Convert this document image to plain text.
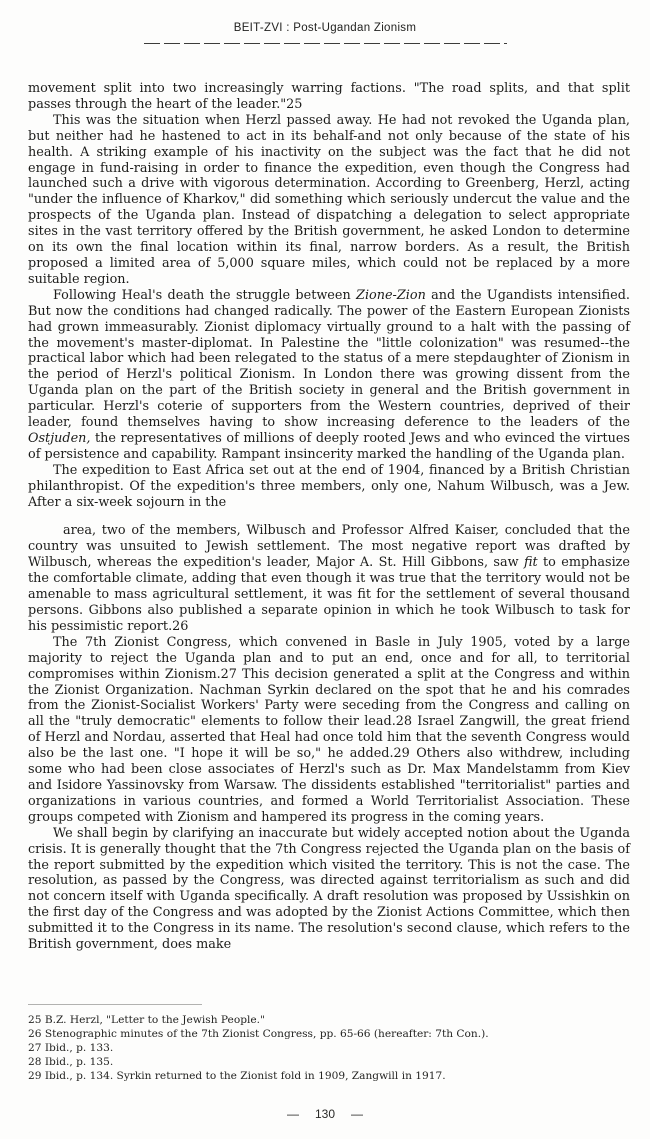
BEIT-ZVI : Post-Ugandan Zionism

movement split into two increasingly warring factions. "The road splits, and that split passes through the heart of the leader."25

This was the situation when Herzl passed away. He had not revoked the Uganda plan, but neither had he hastened to act in its behalf-and not only because of the state of his health. A striking example of his inactivity on the subject was the fact that he did not engage in fund-raising in order to finance the expedition, even though the Congress had launched such a drive with vigorous determination. According to Greenberg, Herzl, acting "under the influence of Kharkov," did something which seriously undercut the value and the prospects of the Uganda plan. Instead of dispatching a delegation to select appropriate sites in the vast territory offered by the British government, he asked London to determine on its own the final location within its final, narrow borders. As a result, the British proposed a limited area of 5,000 square miles, which could not be replaced by a more suitable region.

Following Heal's death the struggle between Zione-Zion and the Ugandists intensified. But now the conditions had changed radically. The power of the Eastern European Zionists had grown immeasurably. Zionist diplomacy virtually ground to a halt with the passing of the movement's master-diplomat. In Palestine the "little colonization" was resumed--the practical labor which had been relegated to the status of a mere stepdaughter of Zionism in the period of Herzl's political Zionism. In London there was growing dissent from the Uganda plan on the part of the British society in general and the British government in particular. Herzl's coterie of supporters from the Western countries, deprived of their leader, found themselves having to show increasing deference to the leaders of the Ostjuden, the representatives of millions of deeply rooted Jews and who evinced the virtues of persistence and capability. Rampant insincerity marked the handling of the Uganda plan.

The expedition to East Africa set out at the end of 1904, financed by a British Christian philanthropist. Of the expedition's three members, only one, Nahum Wilbusch, was a Jew. After a six-week sojourn in the

area, two of the members, Wilbusch and Professor Alfred Kaiser, concluded that the country was unsuited to Jewish settlement. The most negative report was drafted by Wilbusch, whereas the expedition's leader, Major A. St. Hill Gibbons, saw fit to emphasize the comfortable climate, adding that even though it was true that the territory would not be amenable to mass agricultural settlement, it was fit for the settlement of several thousand persons. Gibbons also published a separate opinion in which he took Wilbusch to task for his pessimistic report.26

The 7th Zionist Congress, which convened in Basle in July 1905, voted by a large majority to reject the Uganda plan and to put an end, once and for all, to territorial compromises within Zionism.27 This decision generated a split at the Congress and within the Zionist Organization. Nachman Syrkin declared on the spot that he and his comrades from the Zionist-Socialist Workers' Party were seceding from the Congress and calling on all the "truly democratic" elements to follow their lead.28 Israel Zangwill, the great friend of Herzl and Nordau, asserted that Heal had once told him that the seventh Congress would also be the last one. "I hope it will be so," he added.29 Others also withdrew, including some who had been close associates of Herzl's such as Dr. Max Mandelstamm from Kiev and Isidore Yassinovsky from Warsaw. The dissidents established "territorialist" parties and organizations in various countries, and formed a World Territorialist Association. These groups competed with Zionism and hampered its progress in the coming years.

We shall begin by clarifying an inaccurate but widely accepted notion about the Uganda crisis. It is generally thought that the 7th Congress rejected the Uganda plan on the basis of the report submitted by the expedition which visited the territory. This is not the case. The resolution, as passed by the Congress, was directed against territorialism as such and did not concern itself with Uganda specifically. A draft resolution was proposed by Ussishkin on the first day of the Congress and was adopted by the Zionist Actions Committee, which then submitted it to the Congress in its name. The resolution's second clause, which refers to the British government, does make

25 B.Z. Herzl, "Letter to the Jewish People."

26 Stenographic minutes of the 7th Zionist Congress, pp. 65-66 (hereafter: 7th Con.).

27 Ibid., p. 133.

28 Ibid., p. 135.

29 Ibid., p. 134. Syrkin returned to the Zionist fold in 1909, Zangwill in 1917.

— 130 —
